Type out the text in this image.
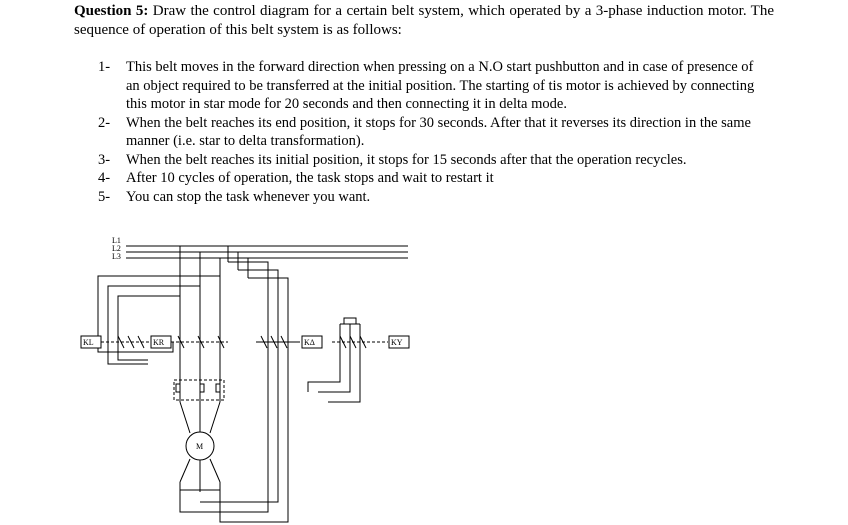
Question 5: Draw the control diagram for a certain belt system, which operated by a 3-phase induction motor. The sequence of operation of this belt system is as follows:

1-	This belt moves in the forward direction when pressing on a N.O start pushbutton and in case of presence of an object required to be transferred at the initial position. The starting of tis motor is achieved by connecting this motor in star mode for 20 seconds and then connecting it in delta mode.
2-	When the belt reaches its end position, it stops for 30 seconds. After that it reverses its direction in the same manner (i.e. star to delta transformation).
3-	When the belt reaches its initial position, it stops for 15 seconds after that the operation recycles.
4-	After 10 cycles of operation, the task stops and wait to restart it
5-	You can stop the task whenever you want.
L1
L2
L3
KL	KR
M
KΔ	KY
